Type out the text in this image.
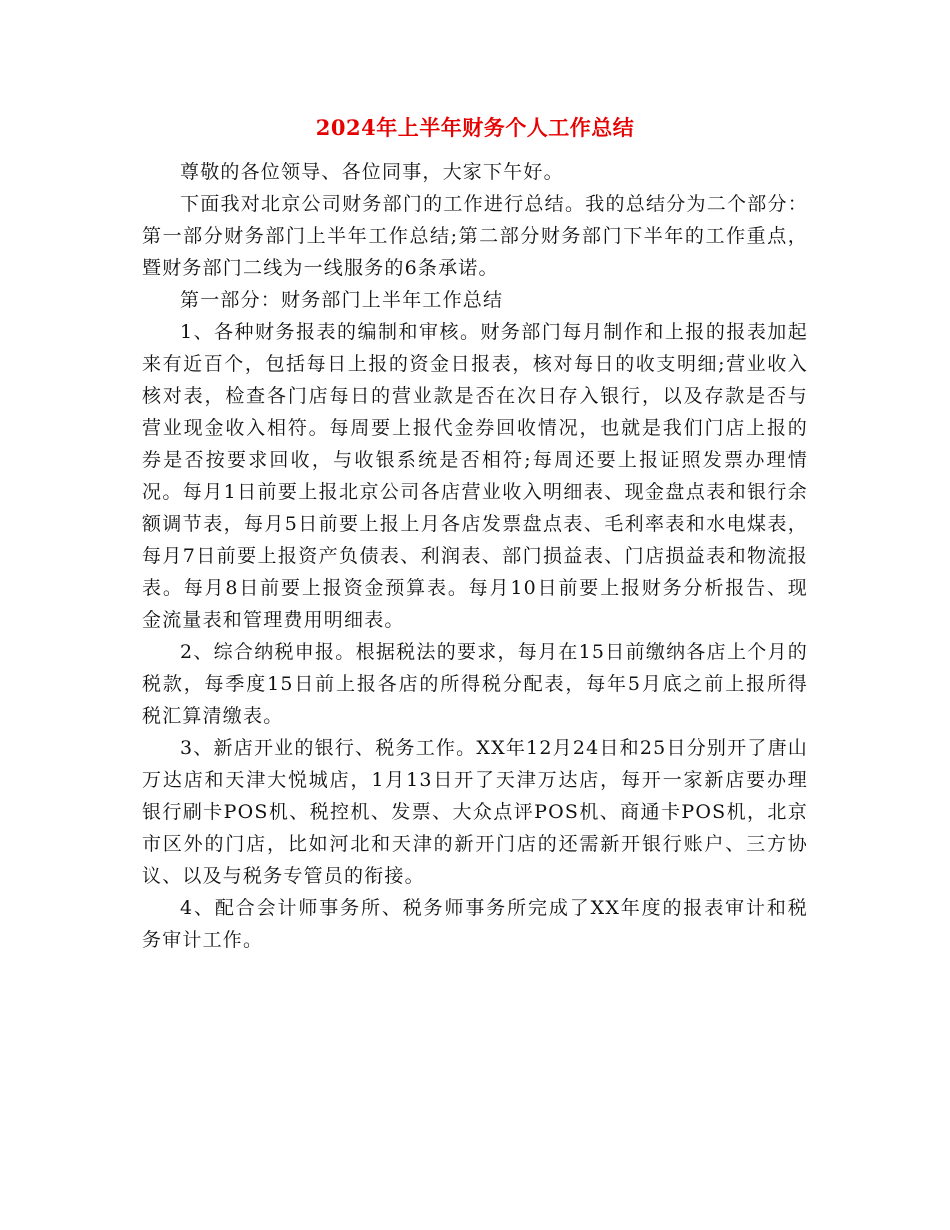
2024年上半年财务个人工作总结

尊敬的各位领导、各位同事，大家下午好。

下面我对北京公司财务部门的工作进行总结。我的总结分为二个部分：第一部分财务部门上半年工作总结;第二部分财务部门下半年的工作重点，暨财务部门二线为一线服务的6条承诺。

第一部分：财务部门上半年工作总结

1、各种财务报表的编制和审核。财务部门每月制作和上报的报表加起来有近百个，包括每日上报的资金日报表，核对每日的收支明细;营业收入核对表，检查各门店每日的营业款是否在次日存入银行，以及存款是否与营业现金收入相符。每周要上报代金券回收情况，也就是我们门店上报的券是否按要求回收，与收银系统是否相符;每周还要上报证照发票办理情况。每月1日前要上报北京公司各店营业收入明细表、现金盘点表和银行余额调节表，每月5日前要上报上月各店发票盘点表、毛利率表和水电煤表，每月7日前要上报资产负债表、利润表、部门损益表、门店损益表和物流报表。每月8日前要上报资金预算表。每月10日前要上报财务分析报告、现金流量表和管理费用明细表。

2、综合纳税申报。根据税法的要求，每月在15日前缴纳各店上个月的税款，每季度15日前上报各店的所得税分配表，每年5月底之前上报所得税汇算清缴表。

3、新店开业的银行、税务工作。XX年12月24日和25日分别开了唐山万达店和天津大悦城店，1月13日开了天津万达店，每开一家新店要办理银行刷卡POS机、税控机、发票、大众点评POS机、商通卡POS机，北京市区外的门店，比如河北和天津的新开门店的还需新开银行账户、三方协议、以及与税务专管员的衔接。

4、配合会计师事务所、税务师事务所完成了XX年度的报表审计和税务审计工作。
